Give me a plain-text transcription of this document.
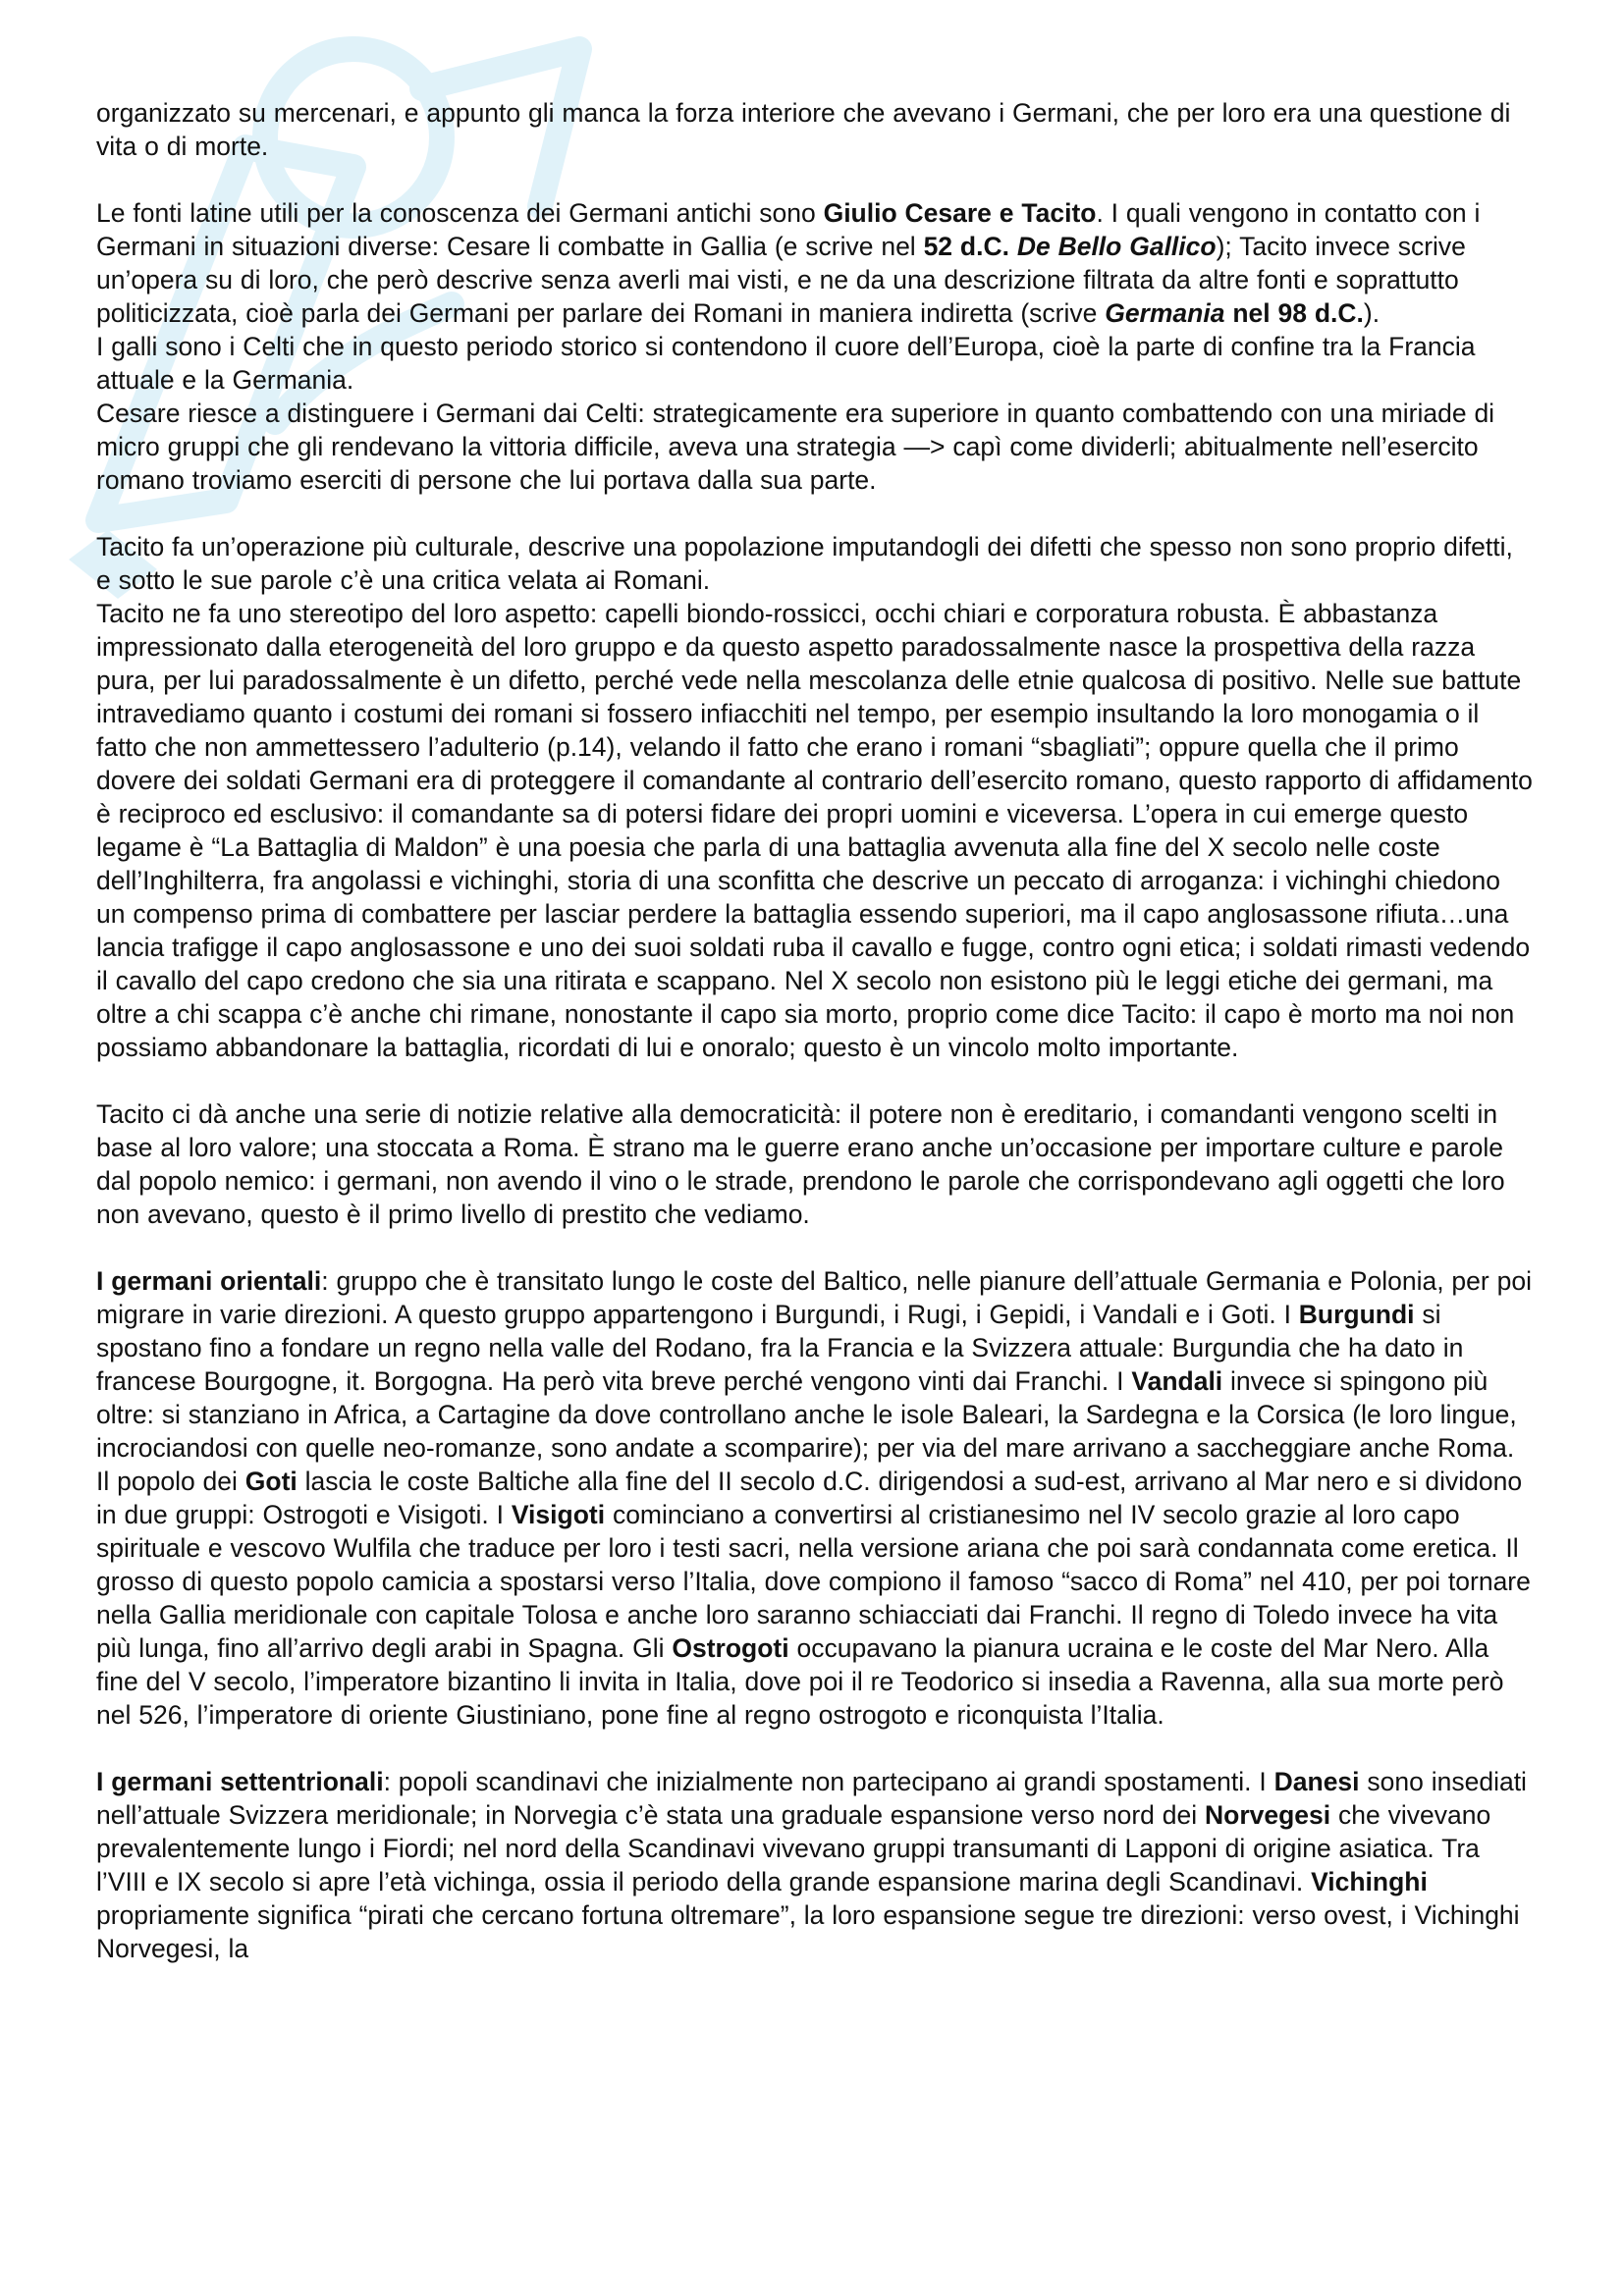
organizzato su mercenari, e appunto gli manca la forza interiore che avevano i Germani, che per loro era una questione di vita o di morte.

Le fonti latine utili per la conoscenza dei Germani antichi sono Giulio Cesare e Tacito. I quali vengono in contatto con i Germani in situazioni diverse: Cesare li combatte in Gallia (e scrive nel 52 d.C. De Bello Gallico); Tacito invece scrive un’opera su di loro, che però descrive senza averli mai visti, e ne da una descrizione filtrata da altre fonti e soprattutto politicizzata, cioè parla dei Germani per parlare dei Romani in maniera indiretta (scrive Germania nel 98 d.C.).
I galli sono i Celti che in questo periodo storico si contendono il cuore dell’Europa, cioè la parte di confine tra la Francia attuale e la Germania.
Cesare riesce a distinguere i Germani dai Celti: strategicamente era superiore in quanto combattendo con una miriade di micro gruppi che gli rendevano la vittoria difficile, aveva una strategia —> capì come dividerli; abitualmente nell’esercito romano troviamo eserciti di persone che lui portava dalla sua parte.

Tacito fa un’operazione più culturale, descrive una popolazione imputandogli dei difetti che spesso non sono proprio difetti, e sotto le sue parole c’è una critica velata ai Romani.
Tacito ne fa uno stereotipo del loro aspetto: capelli biondo-rossicci, occhi chiari e corporatura robusta. È abbastanza impressionato dalla eterogeneità del loro gruppo e da questo aspetto paradossalmente nasce la prospettiva della razza pura, per lui paradossalmente è un difetto, perché vede nella mescolanza delle etnie qualcosa di positivo. Nelle sue battute intravediamo quanto i costumi dei romani si fossero infiacchiti nel tempo, per esempio insultando la loro monogamia o il fatto che non ammettessero l’adulterio (p.14), velando il fatto che erano i romani “sbagliati”; oppure quella che il primo dovere dei soldati Germani era di proteggere il comandante al contrario dell’esercito romano, questo rapporto di affidamento è reciproco ed esclusivo: il comandante sa di potersi fidare dei propri uomini e viceversa. L’opera in cui emerge questo legame è “La Battaglia di Maldon” è una poesia che parla di una battaglia avvenuta alla fine del X secolo nelle coste dell’Inghilterra, fra angolassi e vichinghi, storia di una sconfitta che descrive un peccato di arroganza: i vichinghi chiedono un compenso prima di combattere per lasciar perdere la battaglia essendo superiori, ma il capo anglosassone rifiuta…una lancia trafigge il capo anglosassone e uno dei suoi soldati ruba il cavallo e fugge, contro ogni etica; i soldati rimasti vedendo il cavallo del capo credono che sia una ritirata e scappano. Nel X secolo non esistono più le leggi etiche dei germani, ma oltre a chi scappa c’è anche chi rimane, nonostante il capo sia morto, proprio come dice Tacito: il capo è morto ma noi non possiamo abbandonare la battaglia, ricordati di lui e onoralo; questo è un vincolo molto importante.

Tacito ci dà anche una serie di notizie relative alla democraticità: il potere non è ereditario, i comandanti vengono scelti in base al loro valore; una stoccata a Roma. È strano ma le guerre erano anche un’occasione per importare culture e parole dal popolo nemico: i germani, non avendo il vino o le strade, prendono le parole che corrispondevano agli oggetti che loro non avevano, questo è il primo livello di prestito che vediamo.

I germani orientali: gruppo che è transitato lungo le coste del Baltico, nelle pianure dell’attuale Germania e Polonia, per poi migrare in varie direzioni. A questo gruppo appartengono i Burgundi, i Rugi, i Gepidi, i Vandali e i Goti. I Burgundi si spostano fino a fondare un regno nella valle del Rodano, fra la Francia e la Svizzera attuale: Burgundia che ha dato in francese Bourgogne, it. Borgogna. Ha però vita breve perché vengono vinti dai Franchi. I Vandali invece si spingono più oltre: si stanziano in Africa, a Cartagine da dove controllano anche le isole Baleari, la Sardegna e la Corsica (le loro lingue, incrociandosi con quelle neo-romanze, sono andate a scomparire); per via del mare arrivano a saccheggiare anche Roma. Il popolo dei Goti lascia le coste Baltiche alla fine del II secolo d.C. dirigendosi a sud-est, arrivano al Mar nero e si dividono in due gruppi: Ostrogoti e Visigoti. I Visigoti cominciano a convertirsi al cristianesimo nel IV secolo grazie al loro capo spirituale e vescovo Wulfila che traduce per loro i testi sacri, nella versione ariana che poi sarà condannata come eretica. Il grosso di questo popolo camicia a spostarsi verso l’Italia, dove compiono il famoso “sacco di Roma” nel 410, per poi tornare nella Gallia meridionale con capitale Tolosa e anche loro saranno schiacciati dai Franchi. Il regno di Toledo invece ha vita più lunga, fino all’arrivo degli arabi in Spagna. Gli Ostrogoti occupavano la pianura ucraina e le coste del Mar Nero. Alla fine del V secolo, l’imperatore bizantino li invita in Italia, dove poi il re Teodorico si insedia a Ravenna, alla sua morte però nel 526, l’imperatore di oriente Giustiniano, pone fine al regno ostrogoto e riconquista l’Italia.

I germani settentrionali: popoli scandinavi che inizialmente non partecipano ai grandi spostamenti. I Danesi sono insediati nell’attuale Svizzera meridionale; in Norvegia c’è stata una graduale espansione verso nord dei Norvegesi che vivevano prevalentemente lungo i Fiordi; nel nord della Scandinavi vivevano gruppi transumanti di Lapponi di origine asiatica. Tra l’VIII e IX secolo si apre l’età vichinga, ossia il periodo della grande espansione marina degli Scandinavi. Vichinghi propriamente significa “pirati che cercano fortuna oltremare”, la loro espansione segue tre direzioni: verso ovest, i Vichinghi Norvegesi, la
